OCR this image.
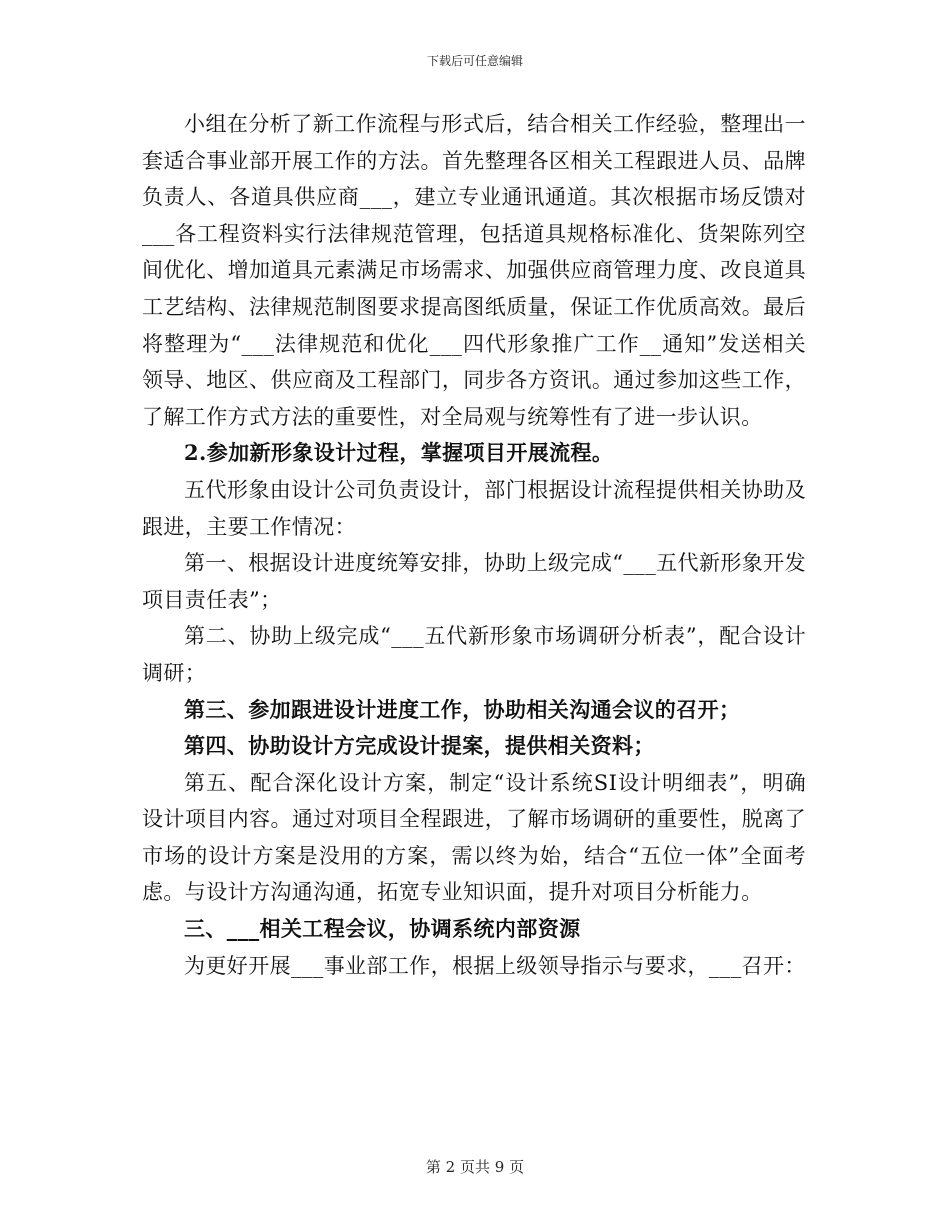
下载后可任意编辑

小组在分析了新工作流程与形式后，结合相关工作经验，整理出一套适合事业部开展工作的方法。首先整理各区相关工程跟进人员、品牌负责人、各道具供应商___，建立专业通讯通道。其次根据市场反馈对___各工程资料实行法律规范管理，包括道具规格标准化、货架陈列空间优化、增加道具元素满足市场需求、加强供应商管理力度、改良道具工艺结构、法律规范制图要求提高图纸质量，保证工作优质高效。最后将整理为“___法律规范和优化___四代形象推广工作__通知”发送相关领导、地区、供应商及工程部门，同步各方资讯。通过参加这些工作，了解工作方式方法的重要性，对全局观与统筹性有了进一步认识。

2.参加新形象设计过程，掌握项目开展流程。

五代形象由设计公司负责设计，部门根据设计流程提供相关协助及跟进，主要工作情况：

第一、根据设计进度统筹安排，协助上级完成“___五代新形象开发项目责任表”；

第二、协助上级完成“___五代新形象市场调研分析表”，配合设计调研；

第三、参加跟进设计进度工作，协助相关沟通会议的召开；

第四、协助设计方完成设计提案，提供相关资料；

第五、配合深化设计方案，制定“设计系统SI设计明细表”，明确设计项目内容。通过对项目全程跟进，了解市场调研的重要性，脱离了市场的设计方案是没用的方案，需以终为始，结合“五位一体”全面考虑。与设计方沟通沟通，拓宽专业知识面，提升对项目分析能力。

三、___相关工程会议，协调系统内部资源

为更好开展___事业部工作，根据上级领导指示与要求，___召开：

第 2 页共 9 页
